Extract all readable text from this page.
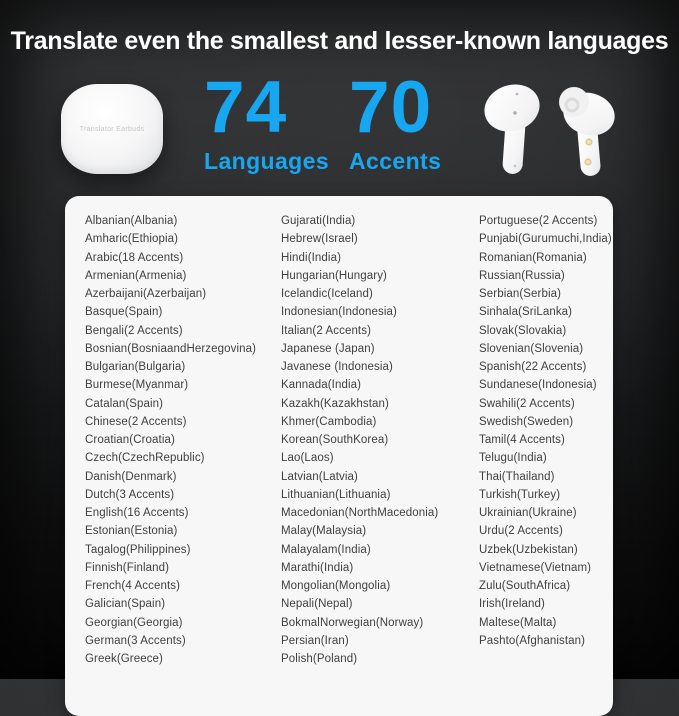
Translate even the smallest and lesser-known languages
Translator Earbuds 74
Languages
70
Accents
Albanian(Albania)
Amharic(Ethiopia)
Arabic(18 Accents)
Armenian(Armenia)
Azerbaijani(Azerbaijan)
Basque(Spain)
Bengali(2 Accents)
Bosnian(BosniaandHerzegovina)
Bulgarian(Bulgaria)
Burmese(Myanmar)
Catalan(Spain)
Chinese(2 Accents)
Croatian(Croatia)
Czech(CzechRepublic)
Danish(Denmark)
Dutch(3 Accents)
English(16 Accents)
Estonian(Estonia)
Tagalog(Philippines)
Finnish(Finland)
French(4 Accents)
Galician(Spain)
Georgian(Georgia)
German(3 Accents)
Greek(Greece)
Gujarati(India)
Hebrew(Israel)
Hindi(India)
Hungarian(Hungary)
Icelandic(Iceland)
Indonesian(Indonesia)
Italian(2 Accents)
Japanese (Japan)
Javanese (Indonesia)
Kannada(India)
Kazakh(Kazakhstan)
Khmer(Cambodia)
Korean(SouthKorea)
Lao(Laos)
Latvian(Latvia)
Lithuanian(Lithuania)
Macedonian(NorthMacedonia)
Malay(Malaysia)
Malayalam(India)
Marathi(India)
Mongolian(Mongolia)
Nepali(Nepal)
BokmalNorwegian(Norway)
Persian(Iran)
Polish(Poland)
Portuguese(2 Accents)
Punjabi(Gurumuchi,India)
Romanian(Romania)
Russian(Russia)
Serbian(Serbia)
Sinhala(SriLanka)
Slovak(Slovakia)
Slovenian(Slovenia)
Spanish(22 Accents)
Sundanese(Indonesia)
Swahili(2 Accents)
Swedish(Sweden)
Tamil(4 Accents)
Telugu(India)
Thai(Thailand)
Turkish(Turkey)
Ukrainian(Ukraine)
Urdu(2 Accents)
Uzbek(Uzbekistan)
Vietnamese(Vietnam)
Zulu(SouthAfrica)
Irish(Ireland)
Maltese(Malta)
Pashto(Afghanistan)
